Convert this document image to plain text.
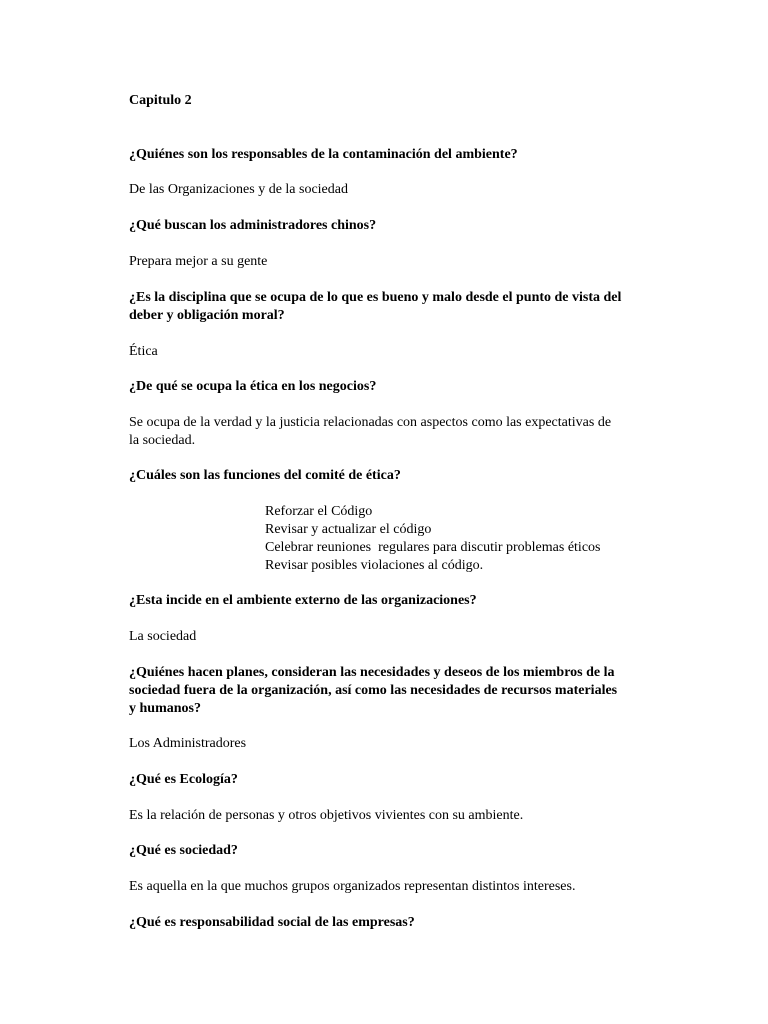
Capitulo 2
¿Quiénes son los responsables de la contaminación del ambiente?
De las Organizaciones y de la sociedad
¿Qué buscan los administradores chinos?
Prepara mejor a su gente
¿Es la disciplina que se ocupa de lo que es bueno y malo desde el punto de vista del
deber y obligación moral?
Ética
¿De qué se ocupa la ética en los negocios?
Se ocupa de la verdad y la justicia relacionadas con aspectos como las expectativas de
la sociedad.
¿Cuáles son las funciones del comité de ética?
Reforzar el Código
Revisar y actualizar el código
Celebrar reuniones  regulares para discutir problemas éticos
Revisar posibles violaciones al código.
¿Esta incide en el ambiente externo de las organizaciones?
La sociedad
¿Quiénes hacen planes, consideran las necesidades y deseos de los miembros de la
sociedad fuera de la organización, así como las necesidades de recursos materiales
y humanos?
Los Administradores
¿Qué es Ecología?
Es la relación de personas y otros objetivos vivientes con su ambiente.
¿Qué es sociedad?
Es aquella en la que muchos grupos organizados representan distintos intereses.
¿Qué es responsabilidad social de las empresas?
